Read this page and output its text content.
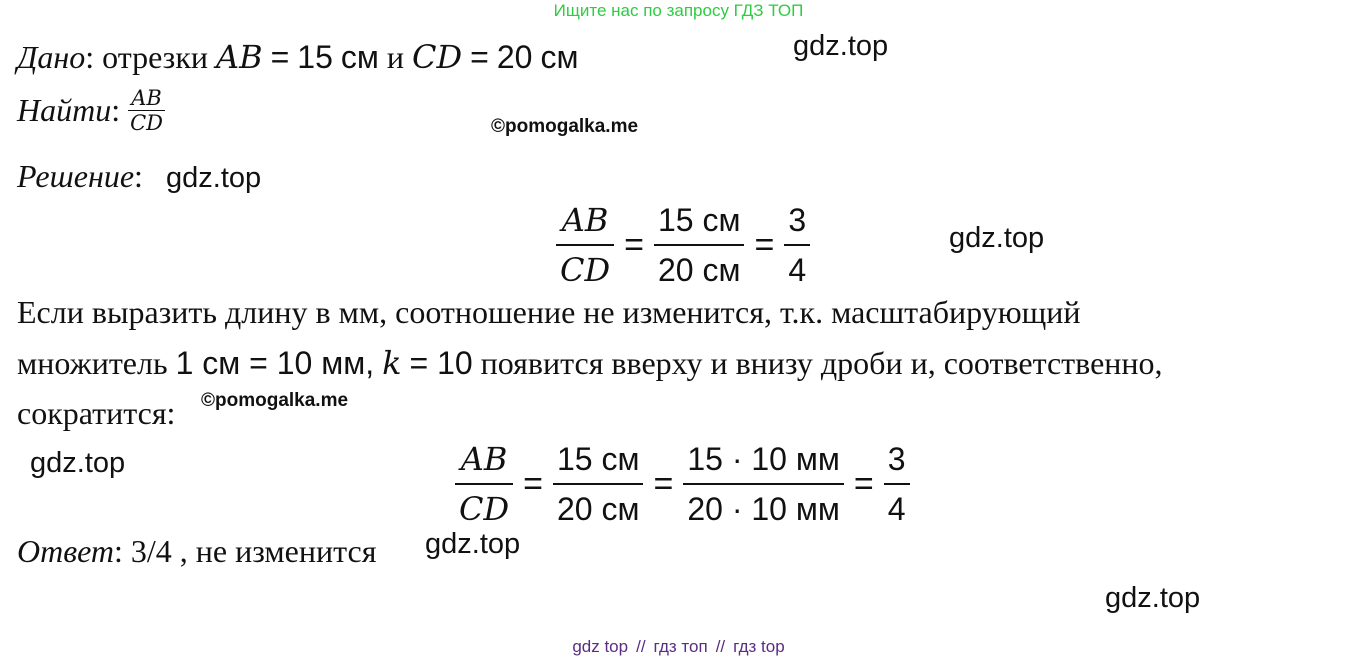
Ищите нас по запросу ГДЗ ТОП
Дано: отрезки AB = 15 см и CD = 20 см	gdz.top
Найти : $\frac{AB}{CD}$	©pomogalka.me
Решение: gdz.top
$\frac{AB}{CD} = \frac{15 см}{20 см} = \frac{3}{4}$	gdz.top
Если выразить длину в мм, соотношение не изменится, т.к. масштабирующий
множитель 1 см = 10 мм, k = 10 появится вверху и внизу дроби и, соответственно,
сократится: ©pomogalka.me
gdz.top	$\frac{AB}{CD} = \frac{15 см}{20 см} = \frac{15 \cdot 10 мм}{20 \cdot 10 мм} = \frac{3}{4}$
Ответ: 3/4 , не изменится gdz.top
gdz.top
gdz top // гдз топ // гдз top
